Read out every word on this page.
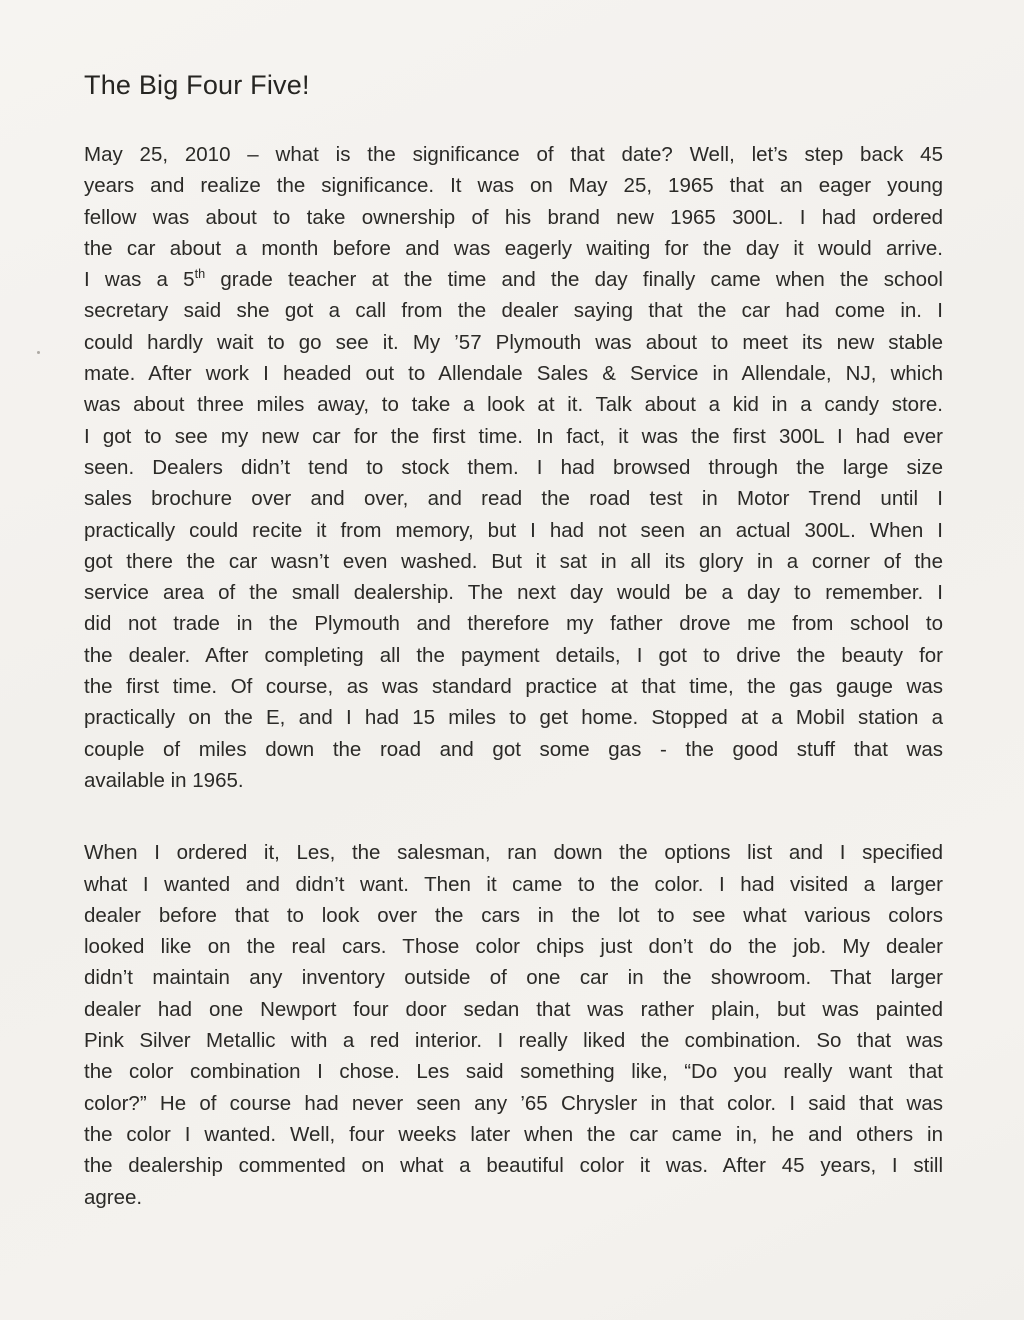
The Big Four Five!
May 25, 2010 – what is the significance of that date? Well, let’s step back 45
years and realize the significance. It was on May 25, 1965 that an eager young
fellow was about to take ownership of his brand new 1965 300L. I had ordered
the car about a month before and was eagerly waiting for the day it would arrive.
I was a 5th grade teacher at the time and the day finally came when the school
secretary said she got a call from the dealer saying that the car had come in. I
could hardly wait to go see it. My ’57 Plymouth was about to meet its new stable
mate. After work I headed out to Allendale Sales & Service in Allendale, NJ, which
was about three miles away, to take a look at it. Talk about a kid in a candy store.
I got to see my new car for the first time. In fact, it was the first 300L I had ever
seen. Dealers didn’t tend to stock them. I had browsed through the large size
sales brochure over and over, and read the road test in Motor Trend until I
practically could recite it from memory, but I had not seen an actual 300L. When I
got there the car wasn’t even washed. But it sat in all its glory in a corner of the
service area of the small dealership. The next day would be a day to remember. I
did not trade in the Plymouth and therefore my father drove me from school to
the dealer. After completing all the payment details, I got to drive the beauty for
the first time. Of course, as was standard practice at that time, the gas gauge was
practically on the E, and I had 15 miles to get home. Stopped at a Mobil station a
couple of miles down the road and got some gas - the good stuff that was
available in 1965.
When I ordered it, Les, the salesman, ran down the options list and I specified
what I wanted and didn’t want. Then it came to the color. I had visited a larger
dealer before that to look over the cars in the lot to see what various colors
looked like on the real cars. Those color chips just don’t do the job. My dealer
didn’t maintain any inventory outside of one car in the showroom. That larger
dealer had one Newport four door sedan that was rather plain, but was painted
Pink Silver Metallic with a red interior. I really liked the combination. So that was
the color combination I chose. Les said something like, “Do you really want that
color?” He of course had never seen any ’65 Chrysler in that color. I said that was
the color I wanted. Well, four weeks later when the car came in, he and others in
the dealership commented on what a beautiful color it was. After 45 years, I still
agree.
